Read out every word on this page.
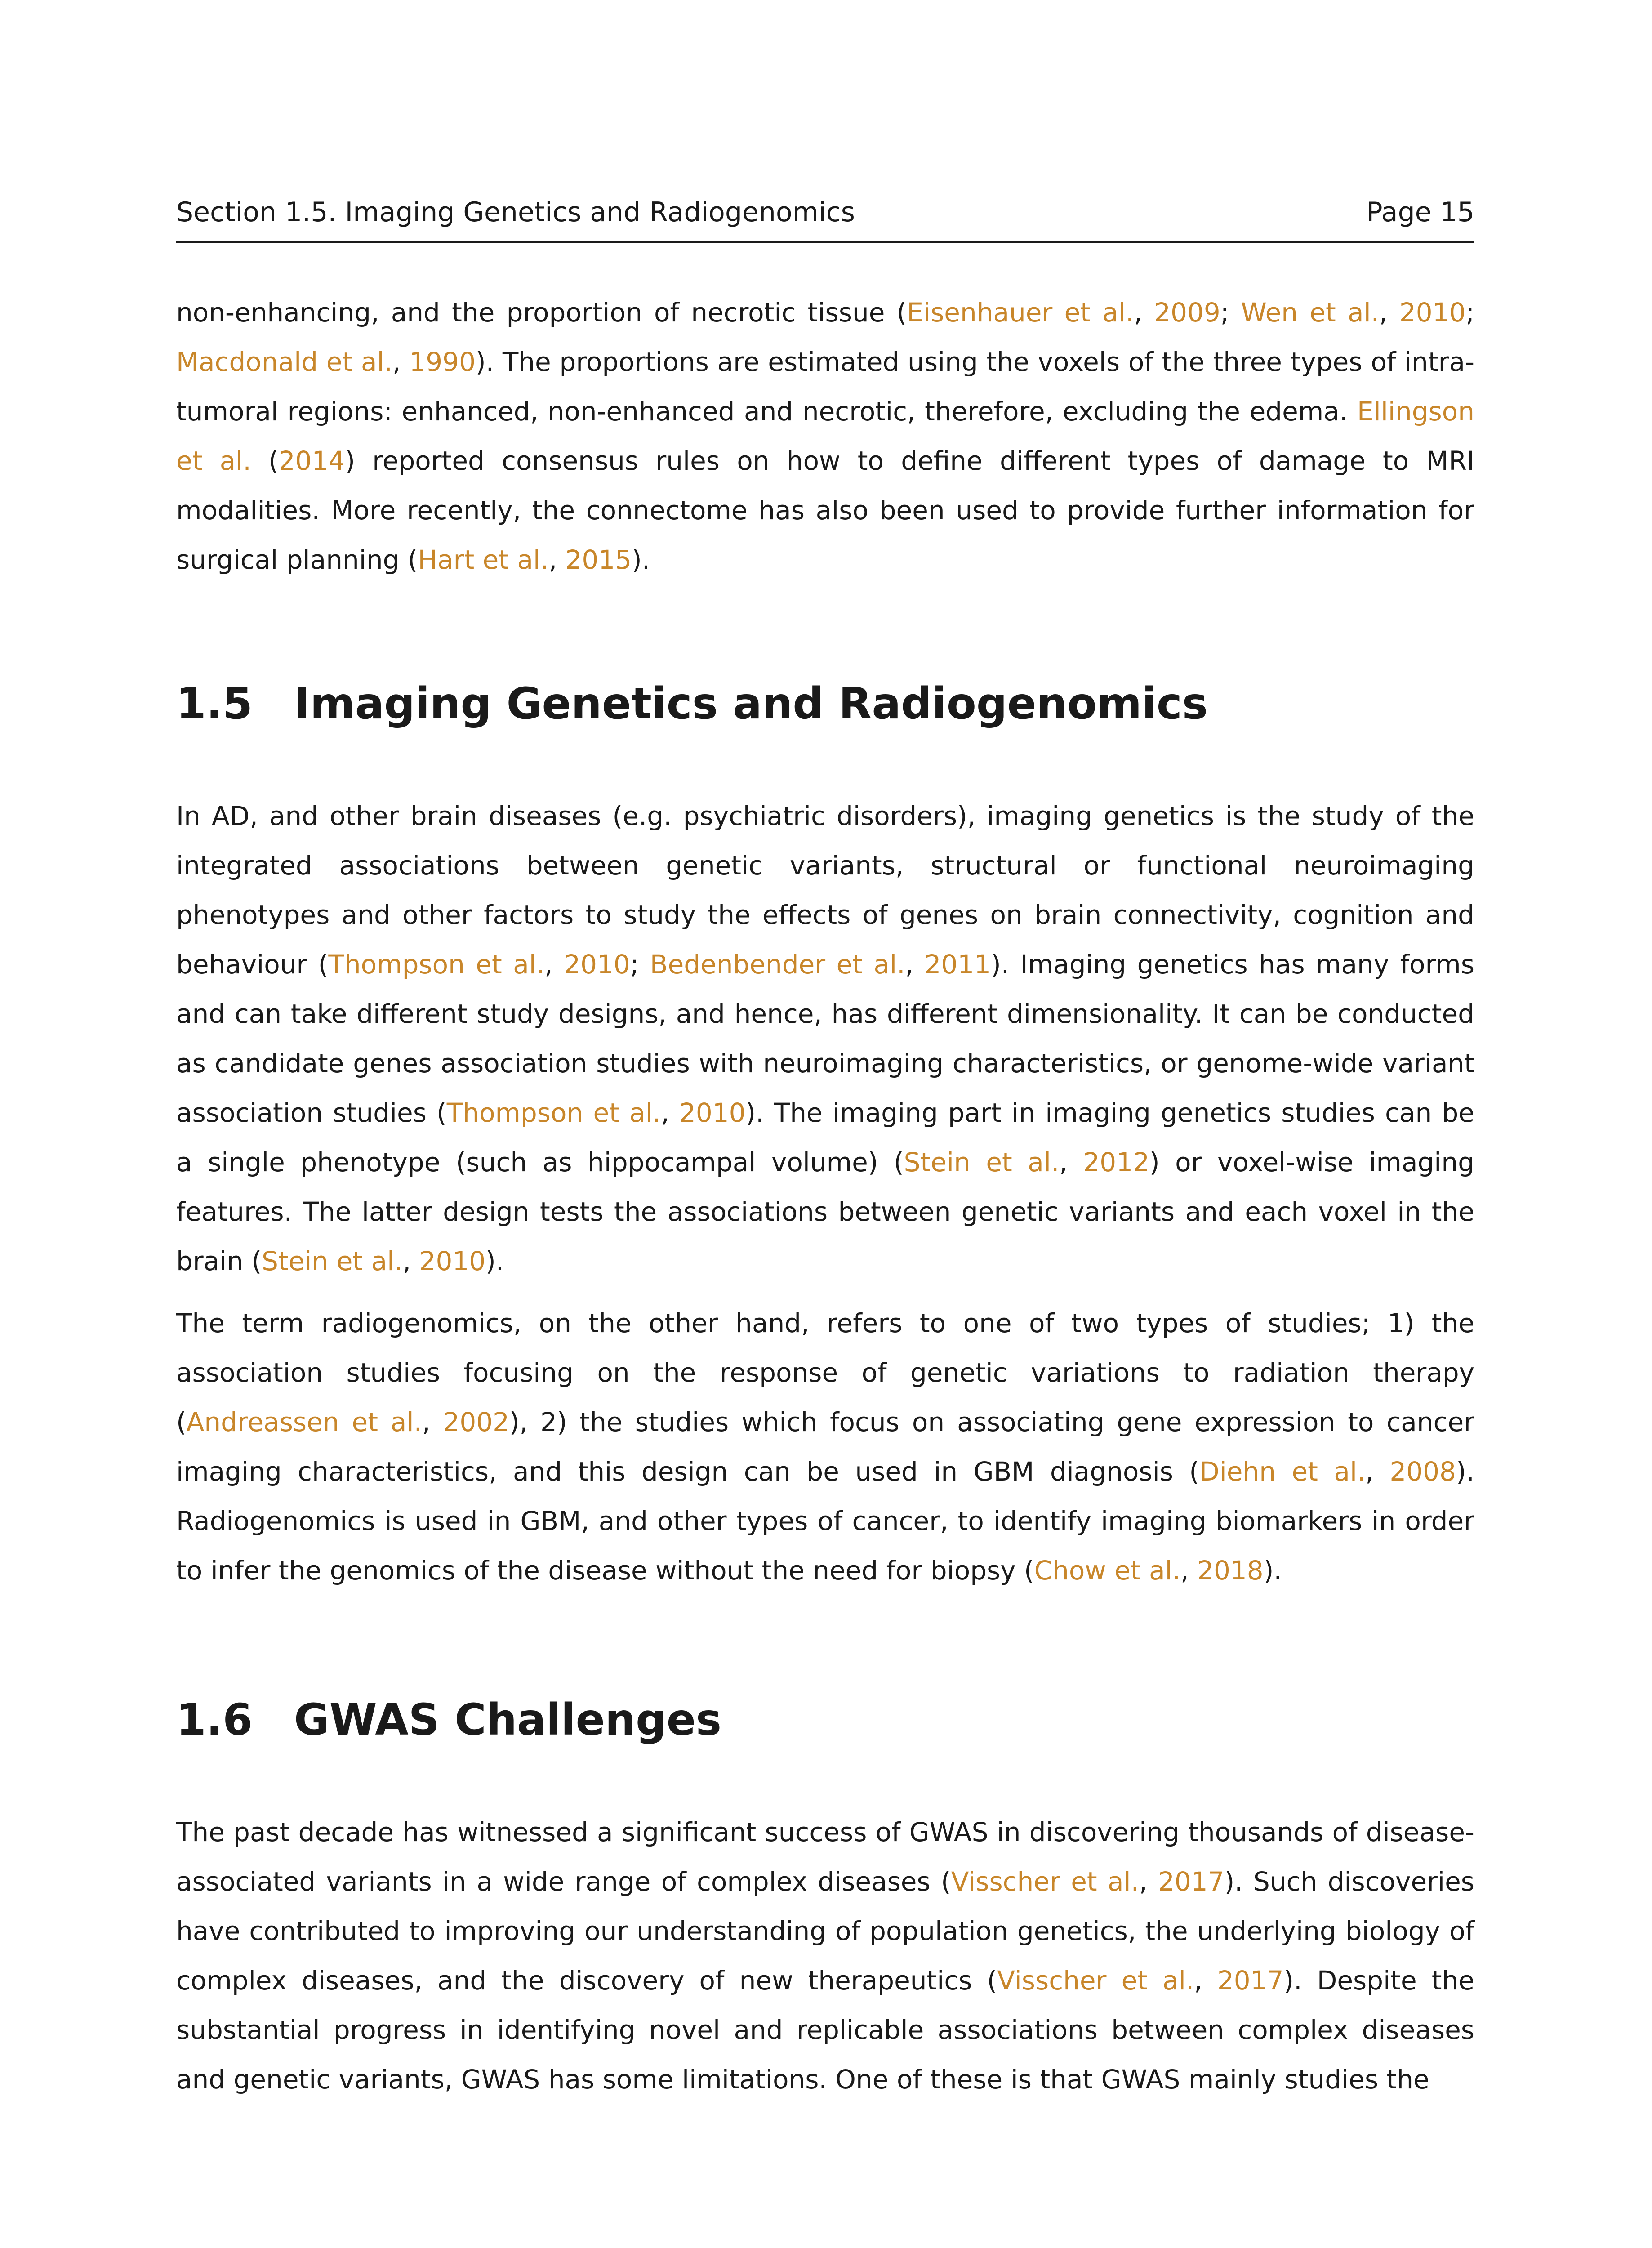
Section 1.5. Imaging Genetics and Radiogenomics	Page 15

non-enhancing, and the proportion of necrotic tissue (Eisenhauer et al., 2009; Wen et al., 2010; Macdonald et al., 1990). The proportions are estimated using the voxels of the three types of intra-tumoral regions: enhanced, non-enhanced and necrotic, therefore, excluding the edema. Ellingson et al. (2014) reported consensus rules on how to define different types of damage to MRI modalities. More recently, the connectome has also been used to provide further information for surgical planning (Hart et al., 2015).

1.5 Imaging Genetics and Radiogenomics

In AD, and other brain diseases (e.g. psychiatric disorders), imaging genetics is the study of the integrated associations between genetic variants, structural or functional neuroimaging phenotypes and other factors to study the effects of genes on brain connectivity, cognition and behaviour (Thompson et al., 2010; Bedenbender et al., 2011). Imaging genetics has many forms and can take different study designs, and hence, has different dimensionality. It can be conducted as candidate genes association studies with neuroimaging characteristics, or genome-wide variant association studies (Thompson et al., 2010). The imaging part in imaging genetics studies can be a single phenotype (such as hippocampal volume) (Stein et al., 2012) or voxel-wise imaging features. The latter design tests the associations between genetic variants and each voxel in the brain (Stein et al., 2010).

The term radiogenomics, on the other hand, refers to one of two types of studies; 1) the association studies focusing on the response of genetic variations to radiation therapy (Andreassen et al., 2002), 2) the studies which focus on associating gene expression to cancer imaging characteristics, and this design can be used in GBM diagnosis (Diehn et al., 2008). Radiogenomics is used in GBM, and other types of cancer, to identify imaging biomarkers in order to infer the genomics of the disease without the need for biopsy (Chow et al., 2018).

1.6 GWAS Challenges

The past decade has witnessed a significant success of GWAS in discovering thousands of disease-associated variants in a wide range of complex diseases (Visscher et al., 2017). Such discoveries have contributed to improving our understanding of population genetics, the underlying biology of complex diseases, and the discovery of new therapeutics (Visscher et al., 2017). Despite the substantial progress in identifying novel and replicable associations between complex diseases and genetic variants, GWAS has some limitations. One of these is that GWAS mainly studies the
